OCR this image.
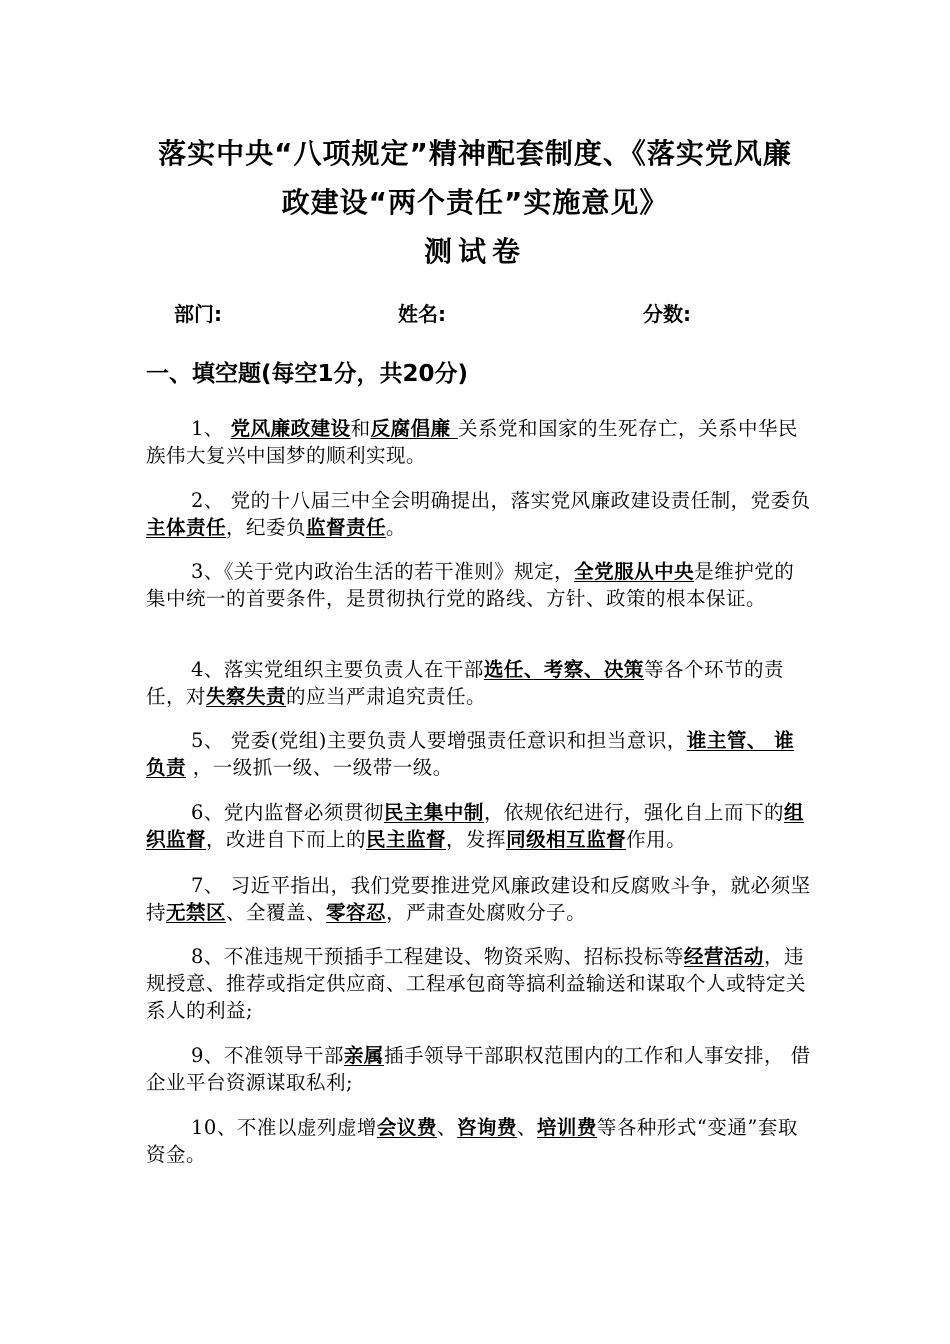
落实中央“八项规定”精神配套制度、《落实党风廉
政建设“两个责任”实施意见》
测试卷
部门:	姓名:	分数:
一、填空题(每空1分，共20分)
1、 党风廉政建设和反腐倡廉 关系党和国家的生死存亡，关系中华民族伟大复兴中国梦的顺利实现。
2、 党的十八届三中全会明确提出，落实党风廉政建设责任制，党委负主体责任，纪委负监督责任。
3、《关于党内政治生活的若干准则》规定，全党服从中央是维护党的集中统一的首要条件，是贯彻执行党的路线、方针、政策的根本保证。
4、落实党组织主要负责人在干部选任、考察、决策等各个环节的责任，对失察失责的应当严肃追究责任。
5、 党委(党组)主要负责人要增强责任意识和担当意识，谁主管、 谁负责 ，一级抓一级、一级带一级。
6、党内监督必须贯彻民主集中制，依规依纪进行，强化自上而下的组织监督，改进自下而上的民主监督，发挥同级相互监督作用。
7、 习近平指出，我们党要推进党风廉政建设和反腐败斗争，就必须坚持无禁区、全覆盖、零容忍，严肃查处腐败分子。
8、不准违规干预插手工程建设、物资采购、招标投标等经营活动，违规授意、推荐或指定供应商、工程承包商等搞利益输送和谋取个人或特定关系人的利益;
9、不准领导干部亲属插手领导干部职权范围内的工作和人事安排， 借企业平台资源谋取私利;
10、不准以虚列虚增会议费、咨询费、培训费等各种形式“变通”套取资金。
